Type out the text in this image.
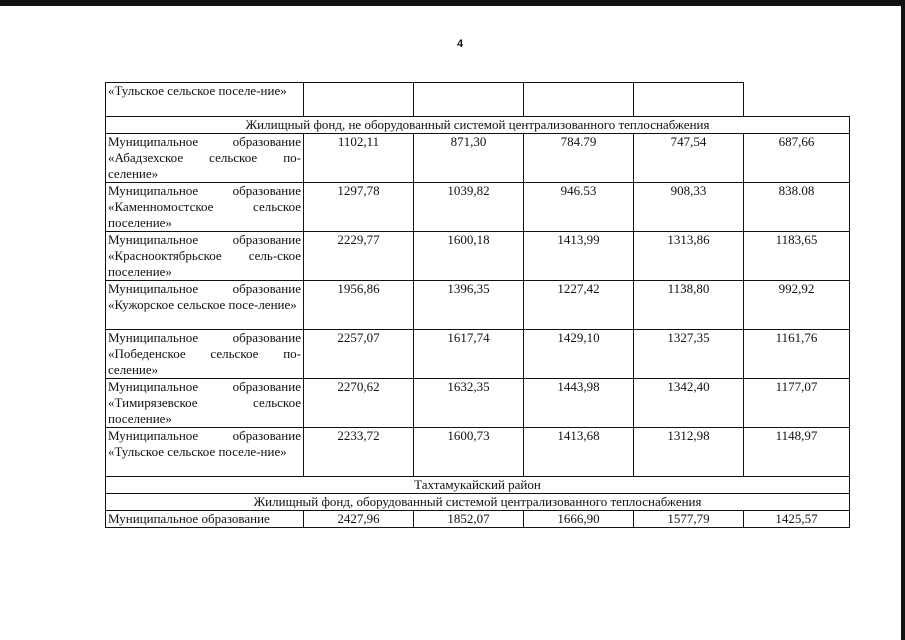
4
«Тульское сельское поселе-ние»					
Жилищный фонд, не оборудованный системой централизованного теплоснабжения					
Муниципальное образование «Абадзехское сельское по-селение»	1102,11	871,30	784.79	747,54	687,66
Муниципальное образование «Каменномостское сельское поселение»	1297,78	1039,82	946.53	908,33	838.08
Муниципальное образование «Краснооктябрьское сель-ское поселение»	2229,77	1600,18	1413,99	1313,86	1183,65
Муниципальное образование «Кужорское сельское посе-ление»	1956,86	1396,35	1227,42	1138,80	992,92
Муниципальное образование «Победенское сельское по-селение»	2257,07	1617,74	1429,10	1327,35	1161,76
Муниципальное образование «Тимирязевское сельское поселение»	2270,62	1632,35	1443,98	1342,40	1177,07
Муниципальное образование «Тульское сельское поселе-ние»	2233,72	1600,73	1413,68	1312,98	1148,97
Тахтамукайский район					
Жилищный фонд, оборудованный системой централизованного теплоснабжения					
Муниципальное образование	2427,96	1852,07	1666,90	1577,79	1425,57
